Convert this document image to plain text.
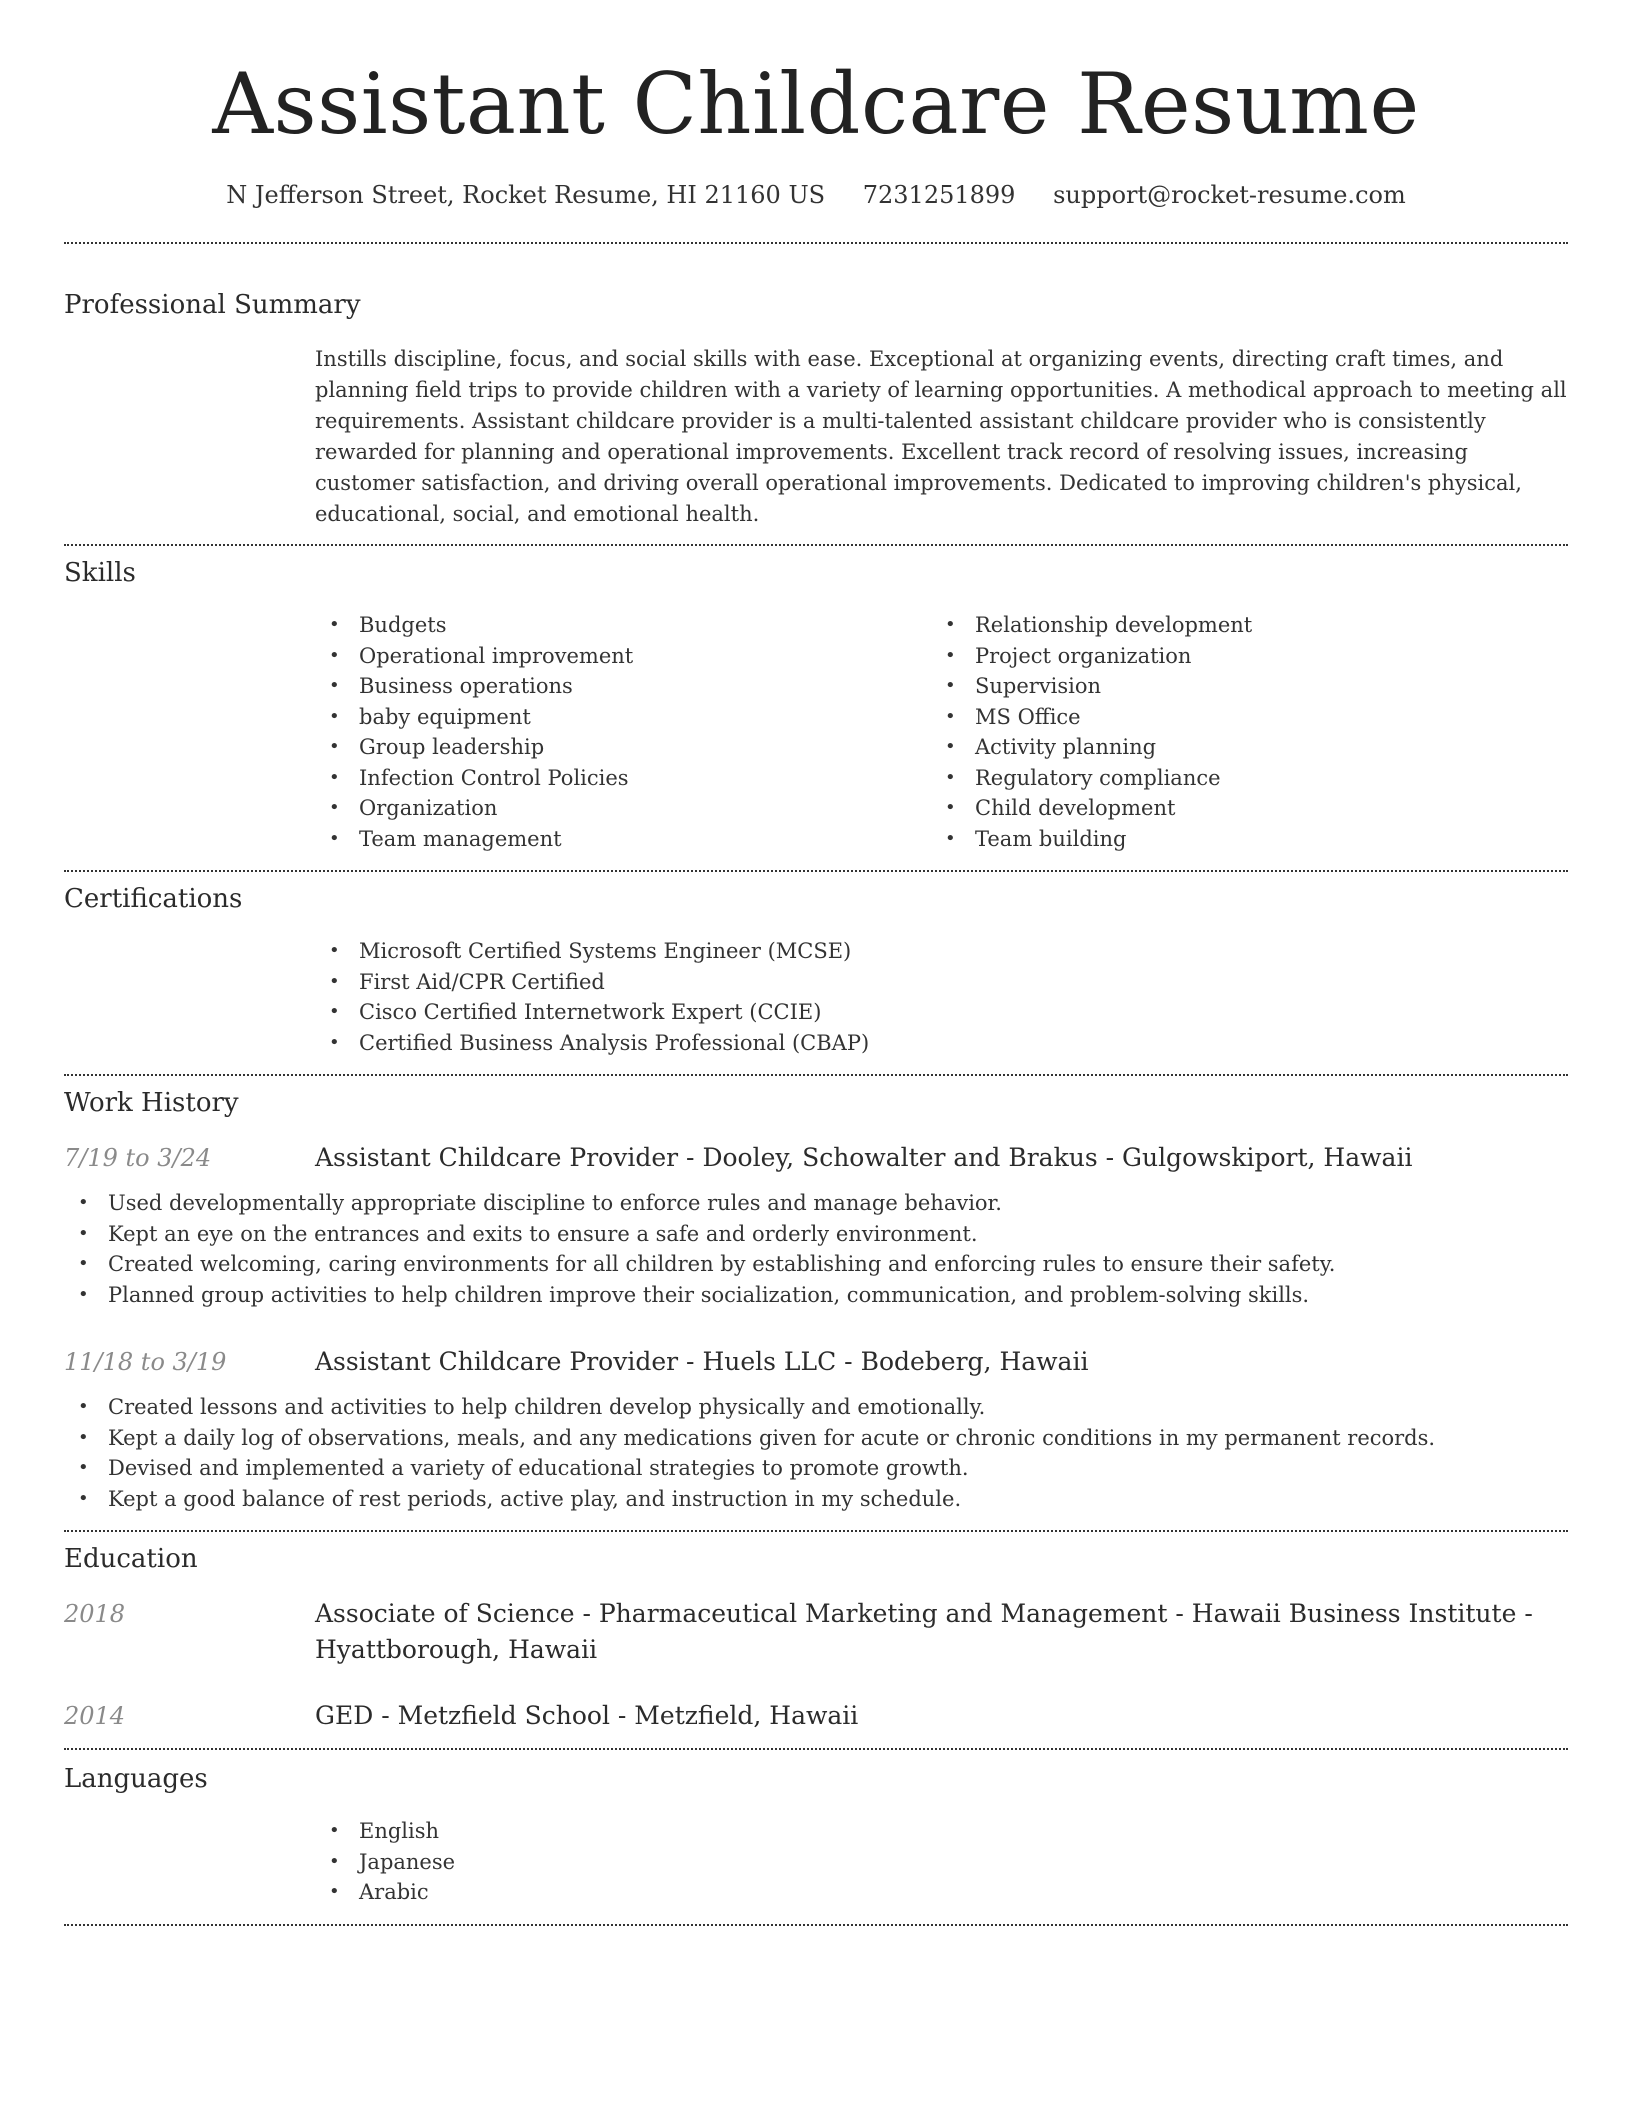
Assistant Childcare Resume
N Jefferson Street, Rocket Resume, HI 21160 US 7231251899 support@rocket-resume.com
Professional Summary
Instills discipline, focus, and social skills with ease. Exceptional at organizing events, directing craft times, and planning field trips to provide children with a variety of learning opportunities. A methodical approach to meeting all requirements. Assistant childcare provider is a multi-talented assistant childcare provider who is consistently rewarded for planning and operational improvements. Excellent track record of resolving issues, increasing customer satisfaction, and driving overall operational improvements. Dedicated to improving children's physical, educational, social, and emotional health.
Skills
• Budgets
• Operational improvement
• Business operations
• baby equipment
• Group leadership
• Infection Control Policies
• Organization
• Team management
• Relationship development
• Project organization
• Supervision
• MS Office
• Activity planning
• Regulatory compliance
• Child development
• Team building
Certifications
• Microsoft Certified Systems Engineer (MCSE)
• First Aid/CPR Certified
• Cisco Certified Internetwork Expert (CCIE)
• Certified Business Analysis Professional (CBAP)
Work History
7/19 to 3/24	Assistant Childcare Provider - Dooley, Schowalter and Brakus - Gulgowskiport, Hawaii
• Used developmentally appropriate discipline to enforce rules and manage behavior.
• Kept an eye on the entrances and exits to ensure a safe and orderly environment.
• Created welcoming, caring environments for all children by establishing and enforcing rules to ensure their safety.
• Planned group activities to help children improve their socialization, communication, and problem-solving skills.
11/18 to 3/19	Assistant Childcare Provider - Huels LLC - Bodeberg, Hawaii
• Created lessons and activities to help children develop physically and emotionally.
• Kept a daily log of observations, meals, and any medications given for acute or chronic conditions in my permanent records.
• Devised and implemented a variety of educational strategies to promote growth.
• Kept a good balance of rest periods, active play, and instruction in my schedule.
Education
2018	Associate of Science - Pharmaceutical Marketing and Management - Hawaii Business Institute - Hyattborough, Hawaii
2014	GED - Metzfield School - Metzfield, Hawaii
Languages
• English
• Japanese
• Arabic
